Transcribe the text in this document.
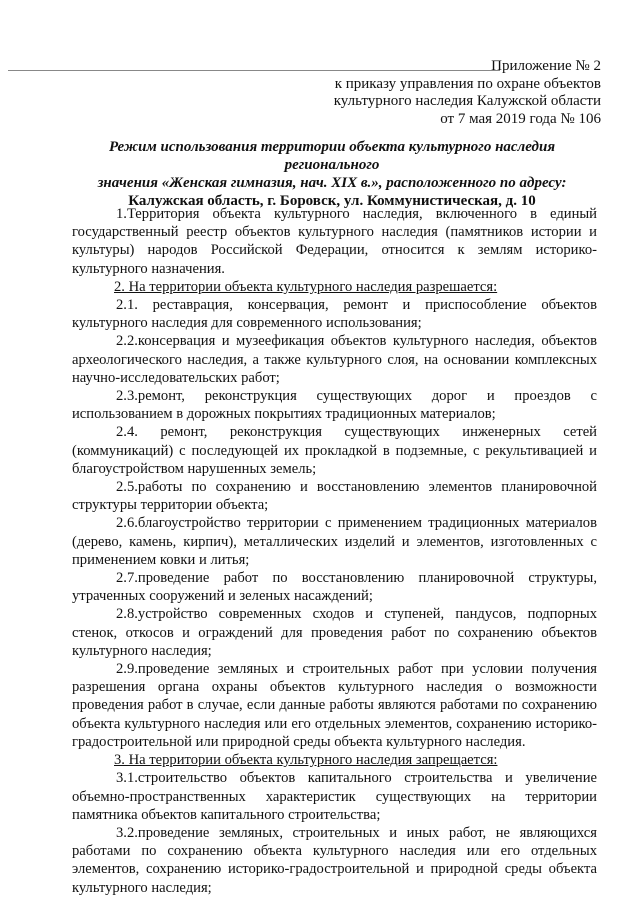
Приложение № 2
к приказу управления по охране объектов
культурного наследия Калужской области
от 7 мая 2019 года № 106
Режим использования территории объекта культурного наследия регионального
значения «Женская гимназия, нач. XIX в.», расположенного по адресу:
Калужская область, г. Боровск, ул. Коммунистическая, д. 10

1.Территория объекта культурного наследия, включенного в единый государственный реестр объектов культурного наследия (памятников истории и культуры) народов Российской Федерации, относится к землям историко-культурного назначения.

2. На территории объекта культурного наследия разрешается:

2.1. реставрация, консервация, ремонт и приспособление объектов культурного наследия для современного использования;

2.2.консервация и музеефикация объектов культурного наследия, объектов археологического наследия, а также культурного слоя, на основании комплексных научно-исследовательских работ;

2.3.ремонт, реконструкция существующих дорог и проездов с использованием в дорожных покрытиях традиционных материалов;

2.4. ремонт, реконструкция существующих инженерных сетей (коммуникаций) с последующей их прокладкой в подземные, с рекультивацией и благоустройством нарушенных земель;

2.5.работы по сохранению и восстановлению элементов планировочной структуры территории объекта;

2.6.благоустройство территории с применением традиционных материалов (дерево, камень, кирпич), металлических изделий и элементов, изготовленных с применением ковки и литья;

2.7.проведение работ по восстановлению планировочной структуры, утраченных сооружений и зеленых насаждений;

2.8.устройство современных сходов и ступеней, пандусов, подпорных стенок, откосов и ограждений для проведения работ по сохранению объектов культурного наследия;

2.9.проведение земляных и строительных работ при условии получения разрешения органа охраны объектов культурного наследия о возможности проведения работ в случае, если данные работы являются работами по сохранению объекта культурного наследия или его отдельных элементов, сохранению историко-градостроительной или природной среды объекта культурного наследия.

3. На территории объекта культурного наследия запрещается:

3.1.строительство объектов капитального строительства и увеличение объемно-пространственных характеристик существующих на территории памятника объектов капитального строительства;

3.2.проведение земляных, строительных и иных работ, не являющихся работами по сохранению объекта культурного наследия или его отдельных элементов, сохранению историко-градостроительной и природной среды объекта культурного наследия;
